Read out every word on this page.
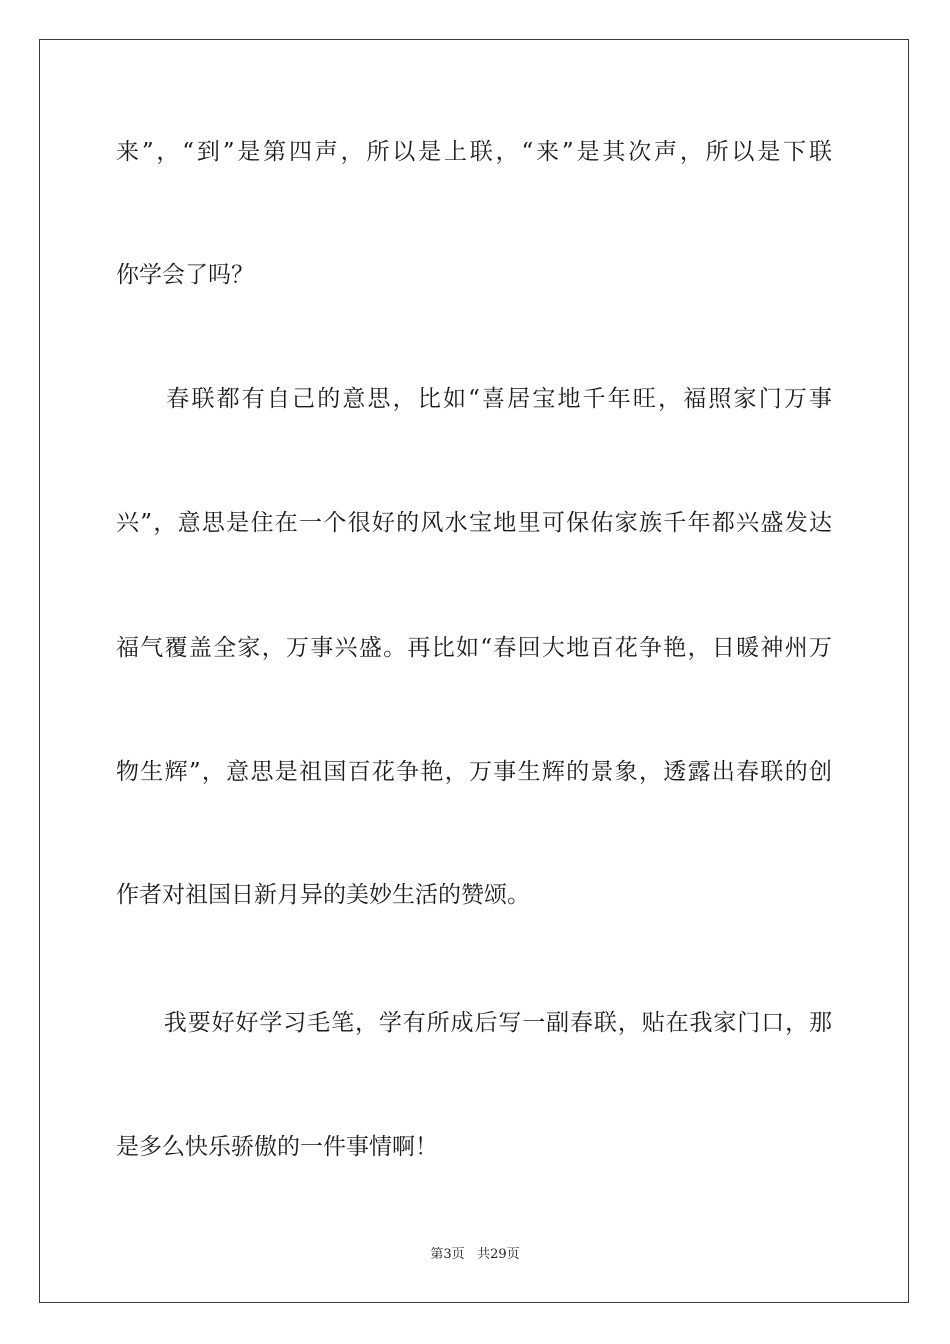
来”，“到”是第四声，所以是上联，“来”是其次声，所以是下联
你学会了吗？
　　春联都有自己的意思，比如“喜居宝地千年旺，福照家门万事
兴”，意思是住在一个很好的风水宝地里可保佑家族千年都兴盛发达
福气覆盖全家，万事兴盛。再比如“春回大地百花争艳，日暖神州万
物生辉”，意思是祖国百花争艳，万事生辉的景象，透露出春联的创
作者对祖国日新月异的美妙生活的赞颂。
　　我要好好学习毛笔，学有所成后写一副春联，贴在我家门口，那
是多么快乐骄傲的一件事情啊！
第3页 共29页
